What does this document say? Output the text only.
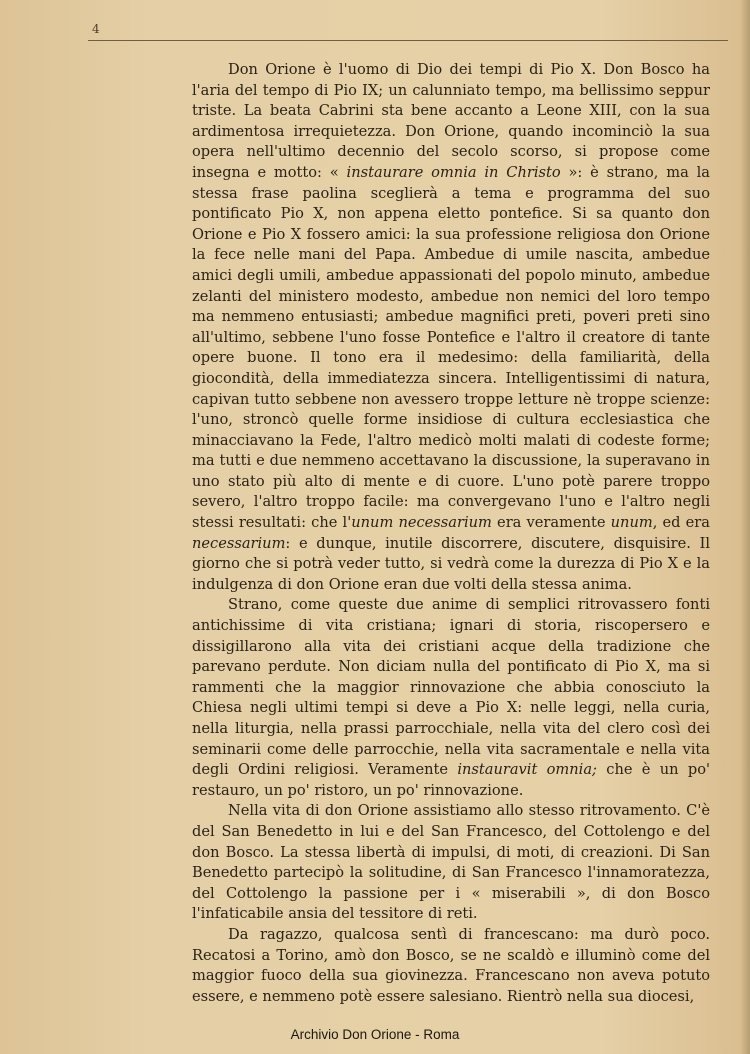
4

Don Orione è l'uomo di Dio dei tempi di Pio X. Don Bosco ha l'aria del tempo di Pio IX; un calunniato tempo, ma bellissimo seppur triste. La beata Cabrini sta bene accanto a Leone XIII, con la sua ardimentosa irrequietezza. Don Orione, quando incominciò la sua opera nell'ultimo decennio del secolo scorso, si propose come insegna e motto: « instaurare omnia in Christo »: è strano, ma la stessa frase paolina sceglierà a tema e programma del suo pontificato Pio X, non appena eletto pontefice. Si sa quanto don Orione e Pio X fossero amici: la sua professione religiosa don Orione la fece nelle mani del Papa. Ambedue di umile nascita, ambedue amici degli umili, ambedue appassionati del popolo minuto, ambedue zelanti del ministero modesto, ambedue non nemici del loro tempo ma nemmeno entusiasti; ambedue magnifici preti, poveri preti sino all'ultimo, sebbene l'uno fosse Pontefice e l'altro il creatore di tante opere buone. Il tono era il medesimo: della familiarità, della giocondità, della immediatezza sincera. Intelligentissimi di natura, capivan tutto sebbene non avessero troppe letture nè troppe scienze: l'uno, stroncò quelle forme insidiose di cultura ecclesiastica che minacciavano la Fede, l'altro medicò molti malati di codeste forme; ma tutti e due nemmeno accettavano la discussione, la superavano in uno stato più alto di mente e di cuore. L'uno potè parere troppo severo, l'altro troppo facile: ma convergevano l'uno e l'altro negli stessi resultati: che l'unum necessarium era veramente unum, ed era necessarium: e dunque, inutile discorrere, discutere, disquisire. Il giorno che si potrà veder tutto, si vedrà come la durezza di Pio X e la indulgenza di don Orione eran due volti della stessa anima.

Strano, come queste due anime di semplici ritrovassero fonti antichissime di vita cristiana; ignari di storia, riscopersero e dissigillarono alla vita dei cristiani acque della tradizione che parevano perdute. Non diciam nulla del pontificato di Pio X, ma si rammenti che la maggior rinnovazione che abbia conosciuto la Chiesa negli ultimi tempi si deve a Pio X: nelle leggi, nella curia, nella liturgia, nella prassi parrocchiale, nella vita del clero così dei seminarii come delle parrocchie, nella vita sacramentale e nella vita degli Ordini religiosi. Veramente instauravit omnia; che è un po' restauro, un po' ristoro, un po' rinnovazione.

Nella vita di don Orione assistiamo allo stesso ritrovamento. C'è del San Benedetto in lui e del San Francesco, del Cottolengo e del don Bosco. La stessa libertà di impulsi, di moti, di creazioni. Di San Benedetto partecipò la solitudine, di San Francesco l'innamoratezza, del Cottolengo la passione per i « miserabili », di don Bosco l'infaticabile ansia del tessitore di reti.

Da ragazzo, qualcosa sentì di francescano: ma durò poco. Recatosi a Torino, amò don Bosco, se ne scaldò e illuminò come del maggior fuoco della sua giovinezza. Francescano non aveva potuto essere, e nemmeno potè essere salesiano. Rientrò nella sua diocesi,

Archivio Don Orione - Roma
